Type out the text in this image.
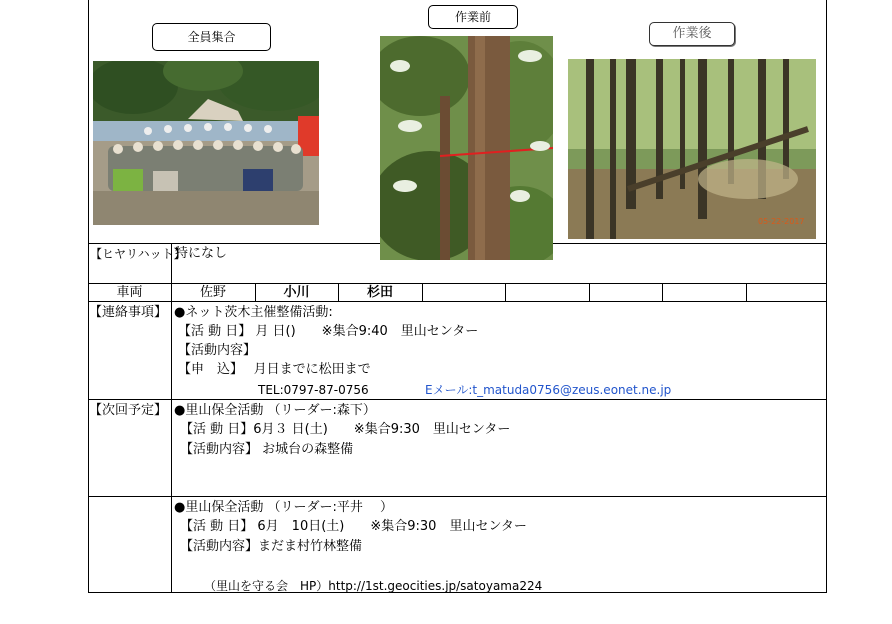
全員集合
作業前
作業後
05-22-2017
【ヒヤリハット】
特になし
車両	佐野	小川	杉田
【連絡事項】 ●ネット茨木主催整備活動:
【活 動 日】 月 日()　　※集合9:40　里山センター
【活動内容】
【申　込】　 月日までに松田まで
TEL:0797-87-0756	Eメール:t_matuda0756@zeus.eonet.ne.jp
【次回予定】 ●里山保全活動 （リーダー:森下）
【活 動 日】6月３ 日(土)　　※集合9:30　里山センター
【活動内容】 お城台の森整備
●里山保全活動 （リーダー:平井　 ）
【活 動 日】 6月　10日(土)　　※集合9:30　里山センター
【活動内容】まだま村竹林整備
（里山を守る会　HP）http://1st.geocities.jp/satoyama224
